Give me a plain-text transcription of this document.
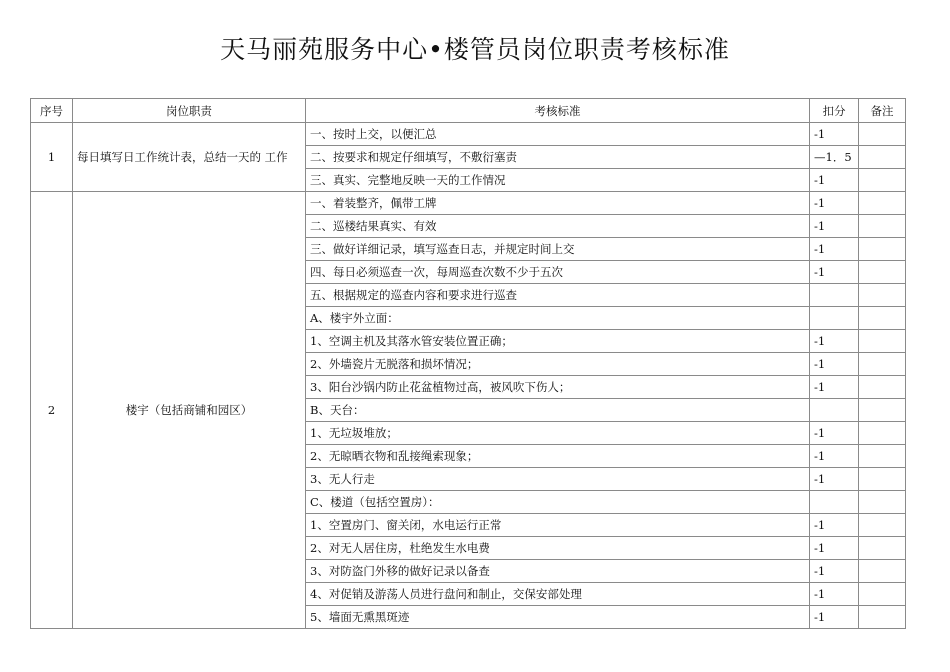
天马丽苑服务中心•楼管员岗位职责考核标准
序号	岗位职责	考核标准	扣分	备注
1	每日填写日工作统计表，总结一天的 工作	一、按时上交，以便汇总	-1	
		二、按要求和规定仔细填写，不敷衍塞责	—1．5	
		三、真实、完整地反映一天的工作情况	-1	
2	楼宇（包括商铺和园区）	一、着装整齐，佩带工牌	-1	
		二、巡楼结果真实、有效	-1	
		三、做好详细记录，填写巡查日志，并规定时间上交	-1	
		四、每日必须巡查一次，每周巡查次数不少于五次	-1	
		五、根据规定的巡查内容和要求进行巡查		
		A、楼宇外立面：		
		1、空调主机及其落水管安装位置正确；	-1	
		2、外墙瓷片无脱落和损坏情况；	-1	
		3、阳台沙锅内防止花盆植物过高，被风吹下伤人；	-1	
		B、天台：		
		1、无垃圾堆放；	-1	
		2、无晾晒衣物和乱接绳索现象；	-1	
		3、无人行走	-1	
		C、楼道（包括空置房）：		
		1、空置房门、窗关闭，水电运行正常	-1	
		2、对无人居住房，杜绝发生水电费	-1	
		3、对防盗门外移的做好记录以备查	-1	
		4、对促销及游荡人员进行盘问和制止，交保安部处理	-1	
		5、墙面无熏黑斑迹	-1	
